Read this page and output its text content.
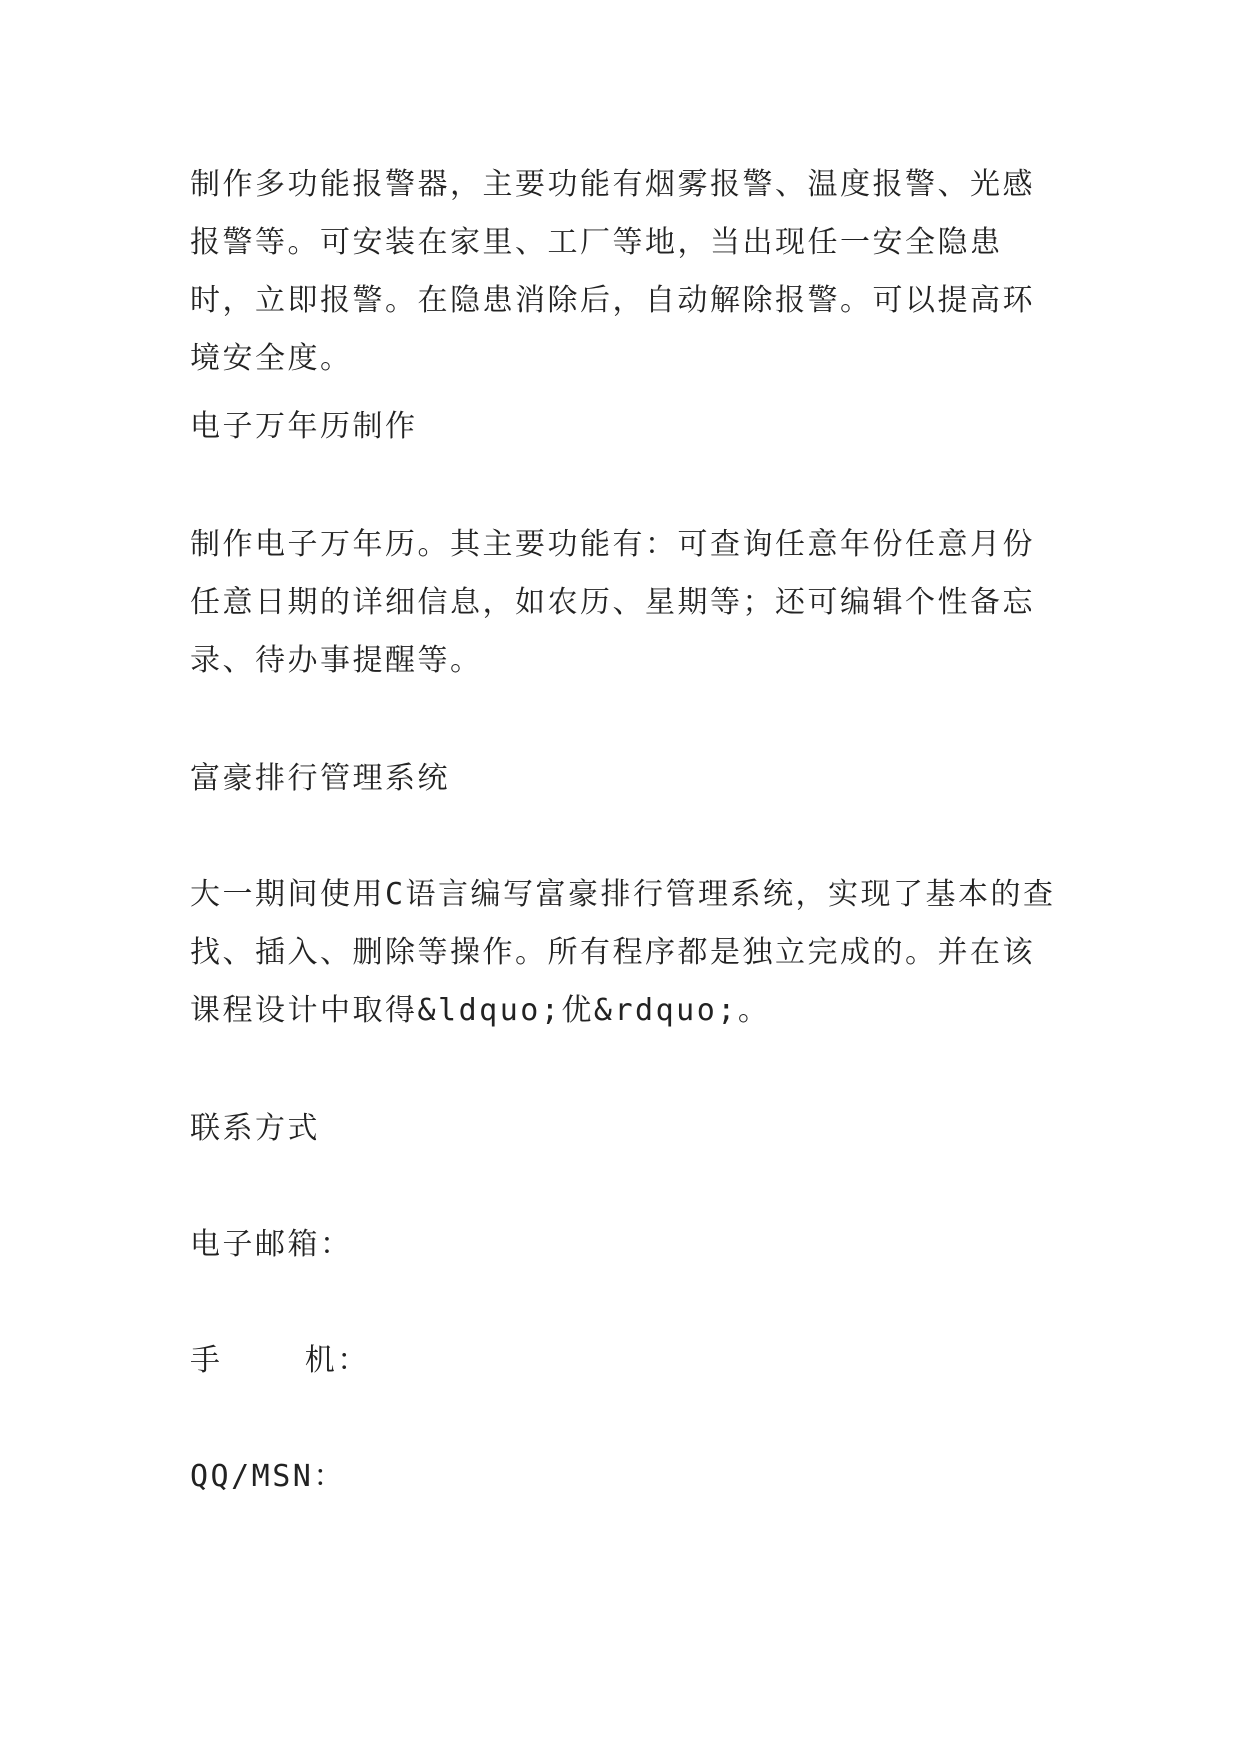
制作多功能报警器，主要功能有烟雾报警、温度报警、光感报警等。可安装在家里、工厂等地，当出现任一安全隐患时，立即报警。在隐患消除后，自动解除报警。可以提高环境安全度。
电子万年历制作
制作电子万年历。其主要功能有：可查询任意年份任意月份任意日期的详细信息，如农历、星期等；还可编辑个性备忘录、待办事提醒等。
富豪排行管理系统
大一期间使用C语言编写富豪排行管理系统，实现了基本的查找、插入、删除等操作。所有程序都是独立完成的。并在该课程设计中取得&ldquo;优&rdquo;。
联系方式
电子邮箱：
手    机：
QQ/MSN：
